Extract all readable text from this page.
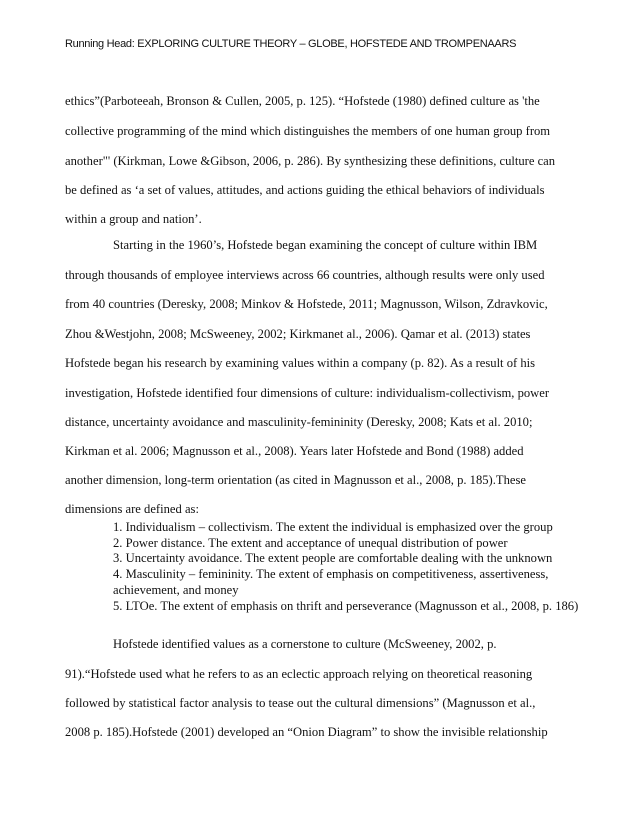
Running Head: EXPLORING CULTURE THEORY – GLOBE, HOFSTEDE AND TROMPENAARS
ethics”(Parboteeah, Bronson & Cullen, 2005, p. 125). “Hofstede (1980) defined culture as 'the
collective programming of the mind which distinguishes the members of one human group from
another"' (Kirkman, Lowe &Gibson, 2006, p. 286). By synthesizing these definitions, culture can
be defined as ‘a set of values, attitudes, and actions guiding the ethical behaviors of individuals
within a group and nation’.
Starting in the 1960’s, Hofstede began examining the concept of culture within IBM
through thousands of employee interviews across 66 countries, although results were only used
from 40 countries (Deresky, 2008; Minkov & Hofstede, 2011; Magnusson, Wilson, Zdravkovic,
Zhou &Westjohn, 2008; McSweeney, 2002; Kirkmanet al., 2006). Qamar et al. (2013) states
Hofstede began his research by examining values within a company (p. 82). As a result of his
investigation, Hofstede identified four dimensions of culture: individualism-collectivism, power
distance, uncertainty avoidance and masculinity-femininity (Deresky, 2008; Kats et al. 2010;
Kirkman et al. 2006; Magnusson et al., 2008). Years later Hofstede and Bond (1988) added
another dimension, long-term orientation (as cited in Magnusson et al., 2008, p. 185).These
dimensions are defined as:
1. Individualism – collectivism. The extent the individual is emphasized over the group
2. Power distance. The extent and acceptance of unequal distribution of power
3. Uncertainty avoidance. The extent people are comfortable dealing with the unknown
4. Masculinity – femininity. The extent of emphasis on competitiveness, assertiveness, achievement, and money
5. LTOe. The extent of emphasis on thrift and perseverance (Magnusson et al., 2008, p. 186)
Hofstede identified values as a cornerstone to culture (McSweeney, 2002, p.
91).“Hofstede used what he refers to as an eclectic approach relying on theoretical reasoning
followed by statistical factor analysis to tease out the cultural dimensions” (Magnusson et al.,
2008 p. 185).Hofstede (2001) developed an “Onion Diagram” to show the invisible relationship
